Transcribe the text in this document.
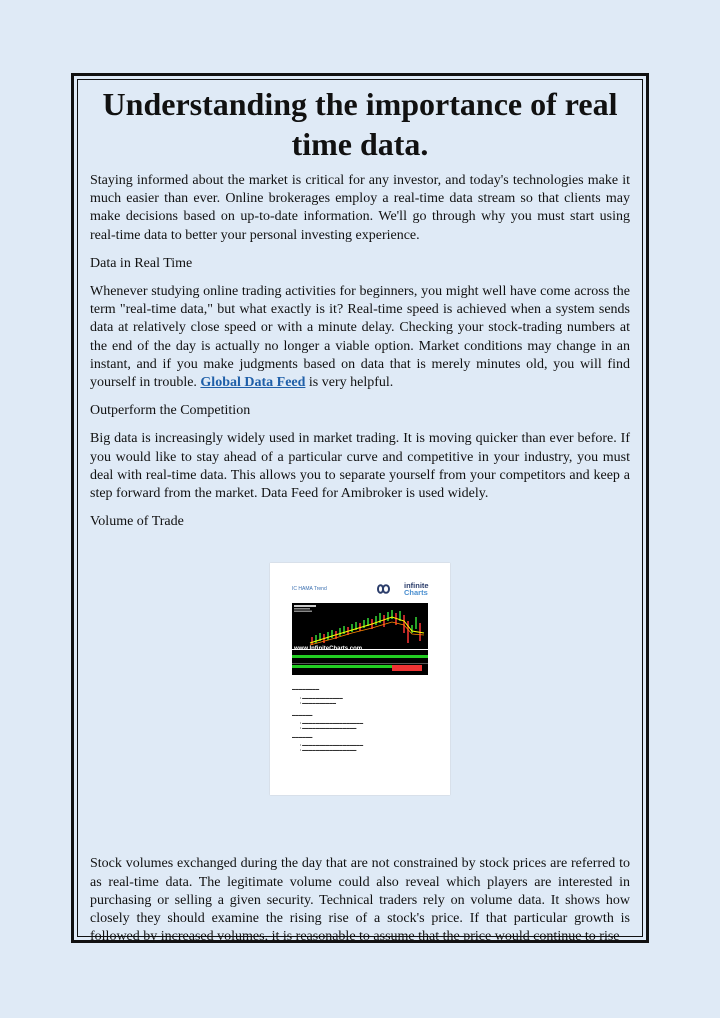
Understanding the importance of real time data.

Staying informed about the market is critical for any investor, and today's technologies make it much easier than ever. Online brokerages employ a real-time data stream so that clients may make decisions based on up-to-date information. We'll go through why you must start using real-time data to better your personal investing experience.

Data in Real Time

Whenever studying online trading activities for beginners, you might well have come across the term "real-time data," but what exactly is it? Real-time speed is achieved when a system sends data at relatively close speed or with a minute delay. Checking your stock-trading numbers at the end of the day is actually no longer a viable option. Market conditions may change in an instant, and if you make judgments based on data that is merely minutes old, you will find yourself in trouble. Global Data Feed is very helpful.

Outperform the Competition

Big data is increasingly widely used in market trading. It is moving quicker than ever before. If you would like to stay ahead of a particular curve and competitive in your industry, you must deal with real-time data. This allows you to separate yourself from your competitors and keep a step forward from the market. Data Feed for Amibroker is used widely.

Volume of Trade

IC HAMA Trend	infinite
Charts
www.InfiniteCharts.com
▬▬▬▬▬▬▬▬
• ▬▬▬▬▬▬▬▬▬▬▬▬
• ▬▬▬▬▬▬▬▬▬▬
▬▬▬▬▬▬
• ▬▬▬▬▬▬▬▬▬▬▬▬▬▬▬▬▬▬
• ▬▬▬▬▬▬▬▬▬▬▬▬▬▬▬▬
▬▬▬▬▬▬
• ▬▬▬▬▬▬▬▬▬▬▬▬▬▬▬▬▬▬
• ▬▬▬▬▬▬▬▬▬▬▬▬▬▬▬▬

Stock volumes exchanged during the day that are not constrained by stock prices are referred to as real-time data. The legitimate volume could also reveal which players are interested in purchasing or selling a given security. Technical traders rely on volume data. It shows how closely they should examine the rising rise of a stock's price. If that particular growth is followed by increased volumes, it is reasonable to assume that the price would continue to rise
